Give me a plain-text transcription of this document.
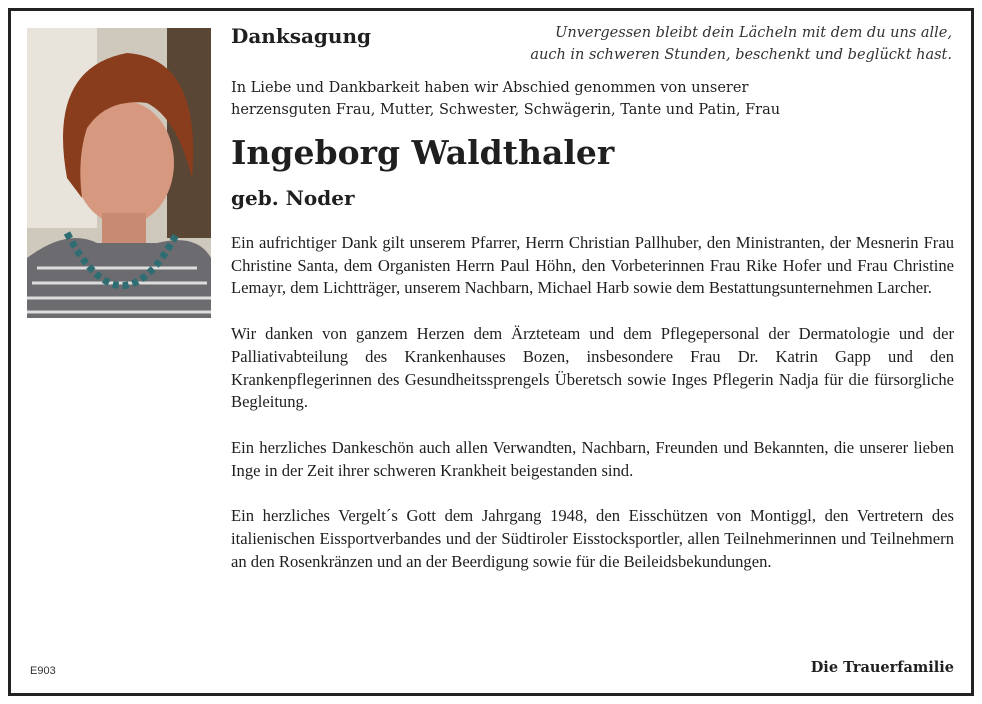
Danksagung	Unvergessen bleibt dein Lächeln mit dem du uns alle,
auch in schweren Stunden, beschenkt und beglückt hast.
In Liebe und Dankbarkeit haben wir Abschied genommen von unserer
herzensguten Frau, Mutter, Schwester, Schwägerin, Tante und Patin, Frau
Ingeborg Waldthaler
geb. Noder

Ein aufrichtiger Dank gilt unserem Pfarrer, Herrn Christian Pallhuber, den Ministranten, der Mesnerin Frau Christine Santa, dem Organisten Herrn Paul Höhn, den Vorbeterinnen Frau Rike Hofer und Frau Christine Lemayr, dem Lichtträger, unserem Nachbarn, Michael Harb sowie dem Bestattungsunternehmen Larcher.

Wir danken von ganzem Herzen dem Ärzteteam und dem Pflegepersonal der Dermatologie und der Palliativabteilung des Krankenhauses Bozen, insbesondere Frau Dr. Katrin Gapp und den Krankenpflegerinnen des Gesundheitssprengels Überetsch sowie Inges Pflegerin Nadja für die fürsorgliche Begleitung.

Ein herzliches Dankeschön auch allen Verwandten, Nachbarn, Freunden und Bekannten, die unserer lieben Inge in der Zeit ihrer schweren Krankheit beigestanden sind.

Ein herzliches Vergelt´s Gott dem Jahrgang 1948, den Eisschützen von Montiggl, den Vertretern des italienischen Eissportverbandes und der Südtiroler Eisstocksportler, allen Teilnehmerinnen und Teilnehmern an den Rosenkränzen und an der Beerdigung sowie für die Beileidsbekundungen.

E903	Die Trauerfamilie
